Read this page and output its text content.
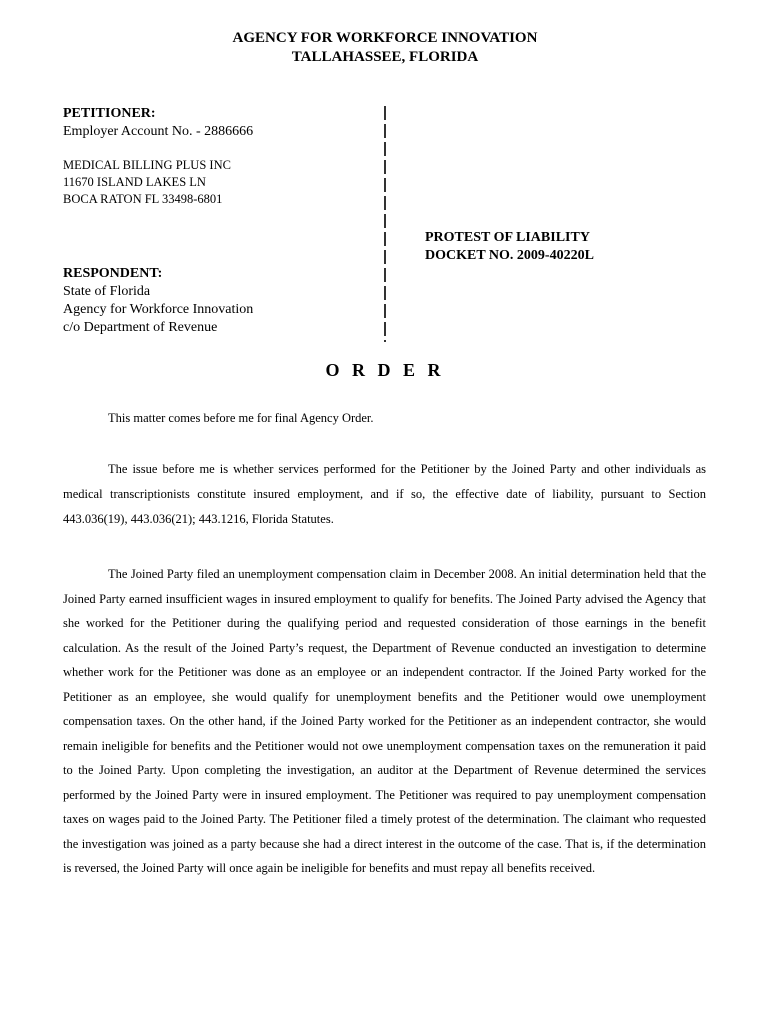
AGENCY FOR WORKFORCE INNOVATION
TALLAHASSEE, FLORIDA
PETITIONER:
Employer Account No. - 2886666
MEDICAL BILLING PLUS INC
11670 ISLAND LAKES LN
BOCA RATON FL 33498-6801
RESPONDENT:
State of Florida
Agency for Workforce Innovation
c/o Department of Revenue
PROTEST OF LIABILITY
DOCKET NO. 2009-40220L
O R D E R
This matter comes before me for final Agency Order.
The issue before me is whether services performed for the Petitioner by the Joined Party and other individuals as medical transcriptionists constitute insured employment, and if so, the effective date of liability, pursuant to Section 443.036(19), 443.036(21); 443.1216, Florida Statutes.
The Joined Party filed an unemployment compensation claim in December 2008. An initial determination held that the Joined Party earned insufficient wages in insured employment to qualify for benefits. The Joined Party advised the Agency that she worked for the Petitioner during the qualifying period and requested consideration of those earnings in the benefit calculation. As the result of the Joined Party’s request, the Department of Revenue conducted an investigation to determine whether work for the Petitioner was done as an employee or an independent contractor. If the Joined Party worked for the Petitioner as an employee, she would qualify for unemployment benefits and the Petitioner would owe unemployment compensation taxes. On the other hand, if the Joined Party worked for the Petitioner as an independent contractor, she would remain ineligible for benefits and the Petitioner would not owe unemployment compensation taxes on the remuneration it paid to the Joined Party. Upon completing the investigation, an auditor at the Department of Revenue determined the services performed by the Joined Party were in insured employment. The Petitioner was required to pay unemployment compensation taxes on wages paid to the Joined Party. The Petitioner filed a timely protest of the determination. The claimant who requested the investigation was joined as a party because she had a direct interest in the outcome of the case. That is, if the determination is reversed, the Joined Party will once again be ineligible for benefits and must repay all benefits received.
